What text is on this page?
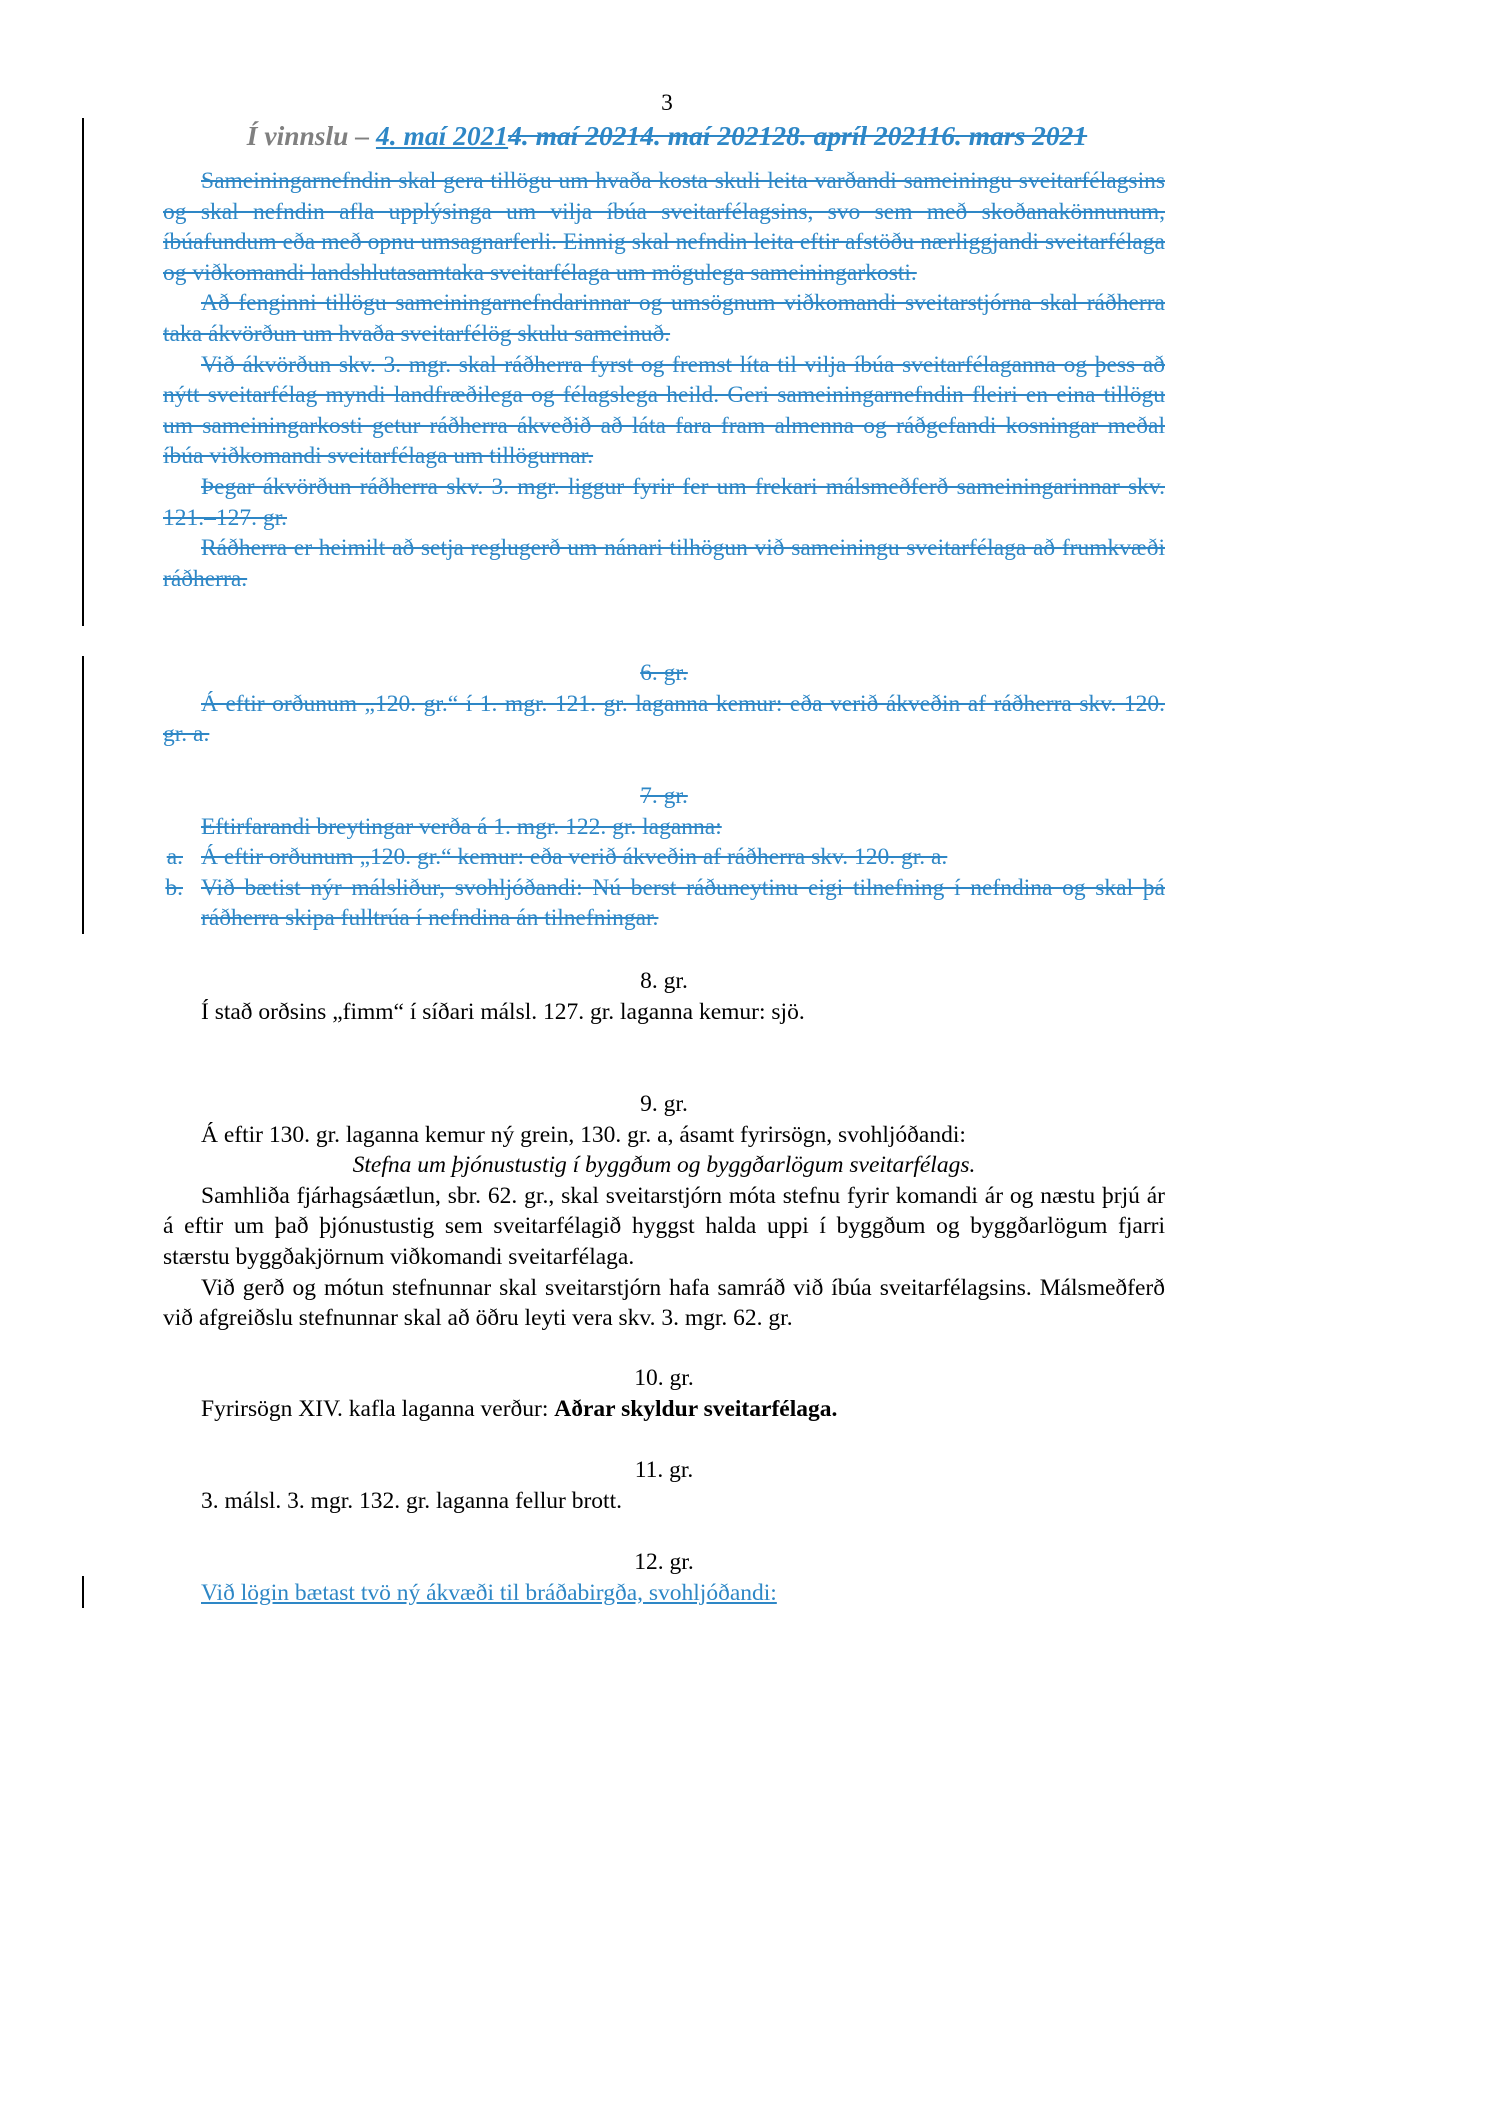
3
Í vinnslu – 4. maí 20214. maí 20214. maí 202128. apríl 202116. mars 2021

Sameiningarnefndin skal gera tillögu um hvaða kosta skuli leita varðandi sameiningu sveitarfélagsins og skal nefndin afla upplýsinga um vilja íbúa sveitarfélagsins, svo sem með skoðanakönnunum, íbúafundum eða með opnu umsagnarferli. Einnig skal nefndin leita eftir afstöðu nærliggjandi sveitarfélaga og viðkomandi landshlutasamtaka sveitarfélaga um mögulega sameiningarkosti.

Að fenginni tillögu sameiningarnefndarinnar og umsögnum viðkomandi sveitarstjórna skal ráðherra taka ákvörðun um hvaða sveitarfélög skulu sameinuð.

Við ákvörðun skv. 3. mgr. skal ráðherra fyrst og fremst líta til vilja íbúa sveitarfélaganna og þess að nýtt sveitarfélag myndi landfræðilega og félagslega heild. Geri sameiningarnefndin fleiri en eina tillögu um sameiningarkosti getur ráðherra ákveðið að láta fara fram almenna og ráðgefandi kosningar meðal íbúa viðkomandi sveitarfélaga um tillögurnar.

Þegar ákvörðun ráðherra skv. 3. mgr. liggur fyrir fer um frekari málsmeðferð sameiningarinnar skv. 121.–127. gr.

Ráðherra er heimilt að setja reglugerð um nánari tilhögun við sameiningu sveitarfélaga að frumkvæði ráðherra.

6. gr.

Á eftir orðunum „120. gr.“ í 1. mgr. 121. gr. laganna kemur: eða verið ákveðin af ráðherra skv. 120. gr. a.

7. gr.

Eftirfarandi breytingar verða á 1. mgr. 122. gr. laganna:

a. Á eftir orðunum „120. gr.“ kemur: eða verið ákveðin af ráðherra skv. 120. gr. a.
b. Við bætist nýr málsliður, svohljóðandi: Nú berst ráðuneytinu eigi tilnefning í nefndina og skal þá ráðherra skipa fulltrúa í nefndina án tilnefningar.
8. gr.

Í stað orðsins „fimm“ í síðari málsl. 127. gr. laganna kemur: sjö.

9. gr.

Á eftir 130. gr. laganna kemur ný grein, 130. gr. a, ásamt fyrirsögn, svohljóðandi:

Stefna um þjónustustig í byggðum og byggðarlögum sveitarfélags.

Samhliða fjárhagsáætlun, sbr. 62. gr., skal sveitarstjórn móta stefnu fyrir komandi ár og næstu þrjú ár á eftir um það þjónustustig sem sveitarfélagið hyggst halda uppi í byggðum og byggðarlögum fjarri stærstu byggðakjörnum viðkomandi sveitarfélaga.

Við gerð og mótun stefnunnar skal sveitarstjórn hafa samráð við íbúa sveitarfélagsins. Málsmeðferð við afgreiðslu stefnunnar skal að öðru leyti vera skv. 3. mgr. 62. gr.

10. gr.

Fyrirsögn XIV. kafla laganna verður: Aðrar skyldur sveitarfélaga.

11. gr.

3. málsl. 3. mgr. 132. gr. laganna fellur brott.

12. gr.

Við lögin bætast tvö ný ákvæði til bráðabirgða, svohljóðandi:
